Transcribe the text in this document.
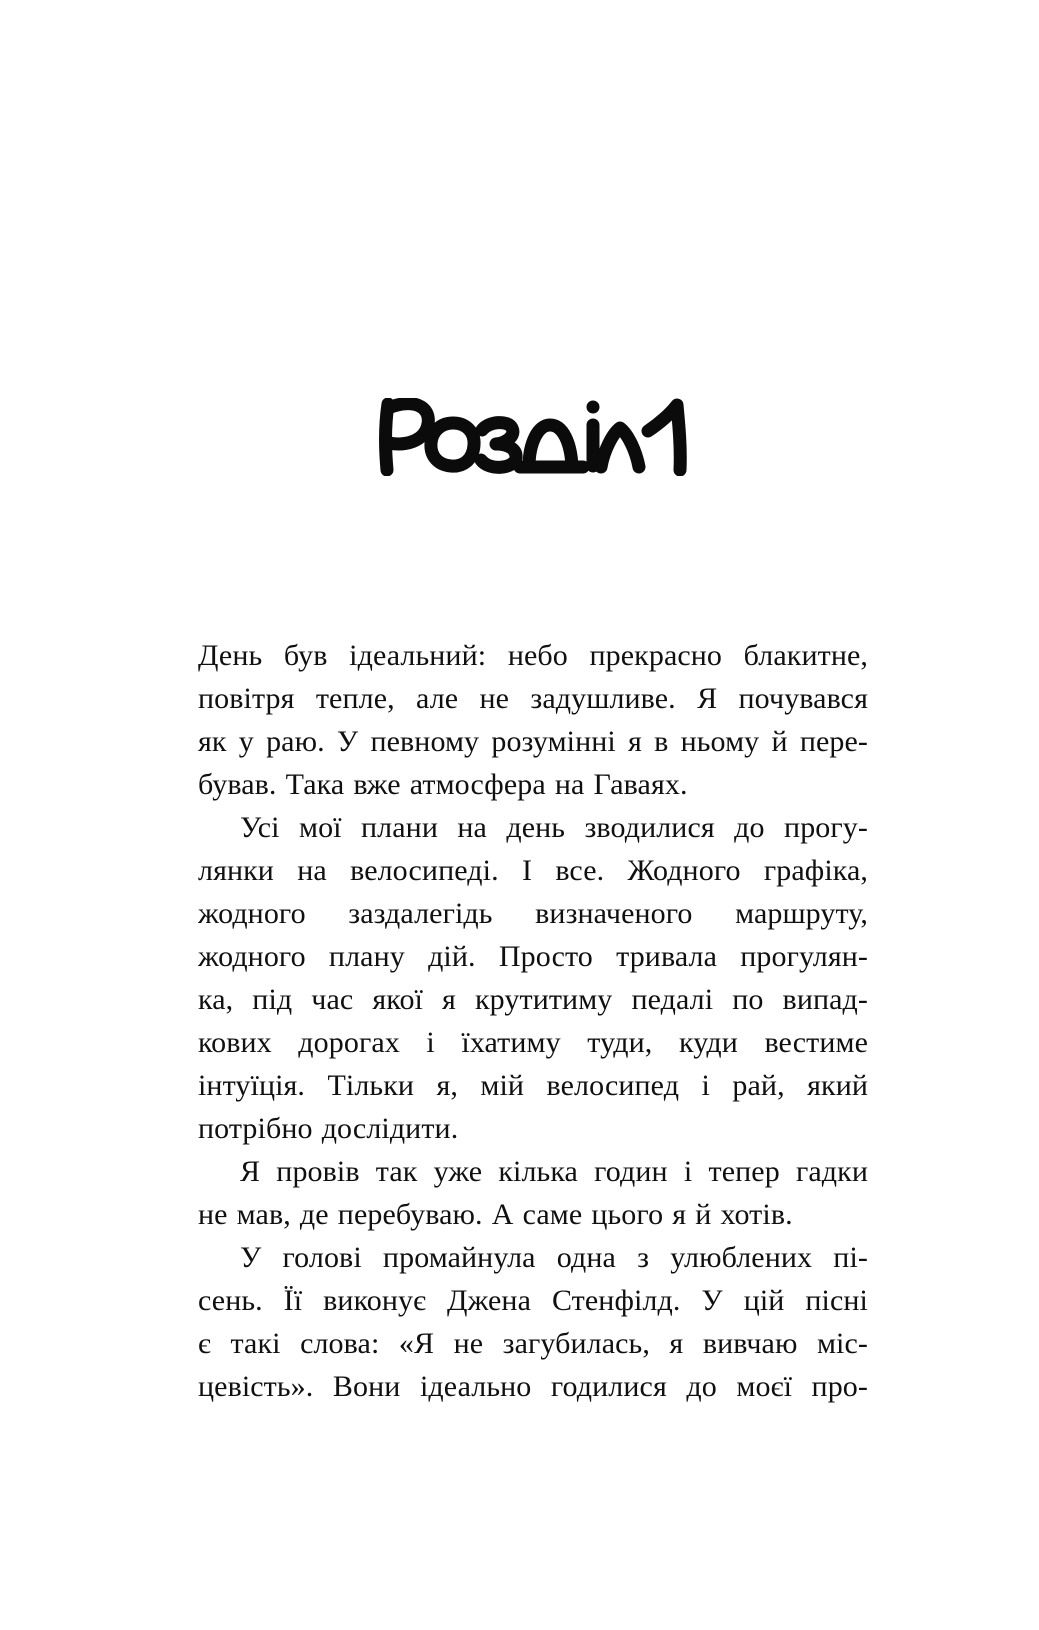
День був ідеальний: небо прекрасно блакитне,
повітря тепле, але не задушливе. Я почувався
як у раю. У певному розумінні я в ньому й пере-
бував. Така вже атмосфера на Гаваях.
Усі мої плани на день зводилися до прогу-
лянки на велосипеді. І все. Жодного графіка,
жодного заздалегідь визначеного маршруту,
жодного плану дій. Просто тривала прогулян-
ка, під час якої я крутитиму педалі по випад-
кових дорогах і їхатиму туди, куди вестиме
інтуїція. Тільки я, мій велосипед і рай, який
потрібно дослідити.
Я провів так уже кілька годин і тепер гадки
не мав, де перебуваю. А саме цього я й хотів.
У голові промайнула одна з улюблених пі-
сень. Її виконує Джена Стенфілд. У цій пісні
є такі слова: «Я не загубилась, я вивчаю міс-
цевість». Вони ідеально годилися до моєї про-
